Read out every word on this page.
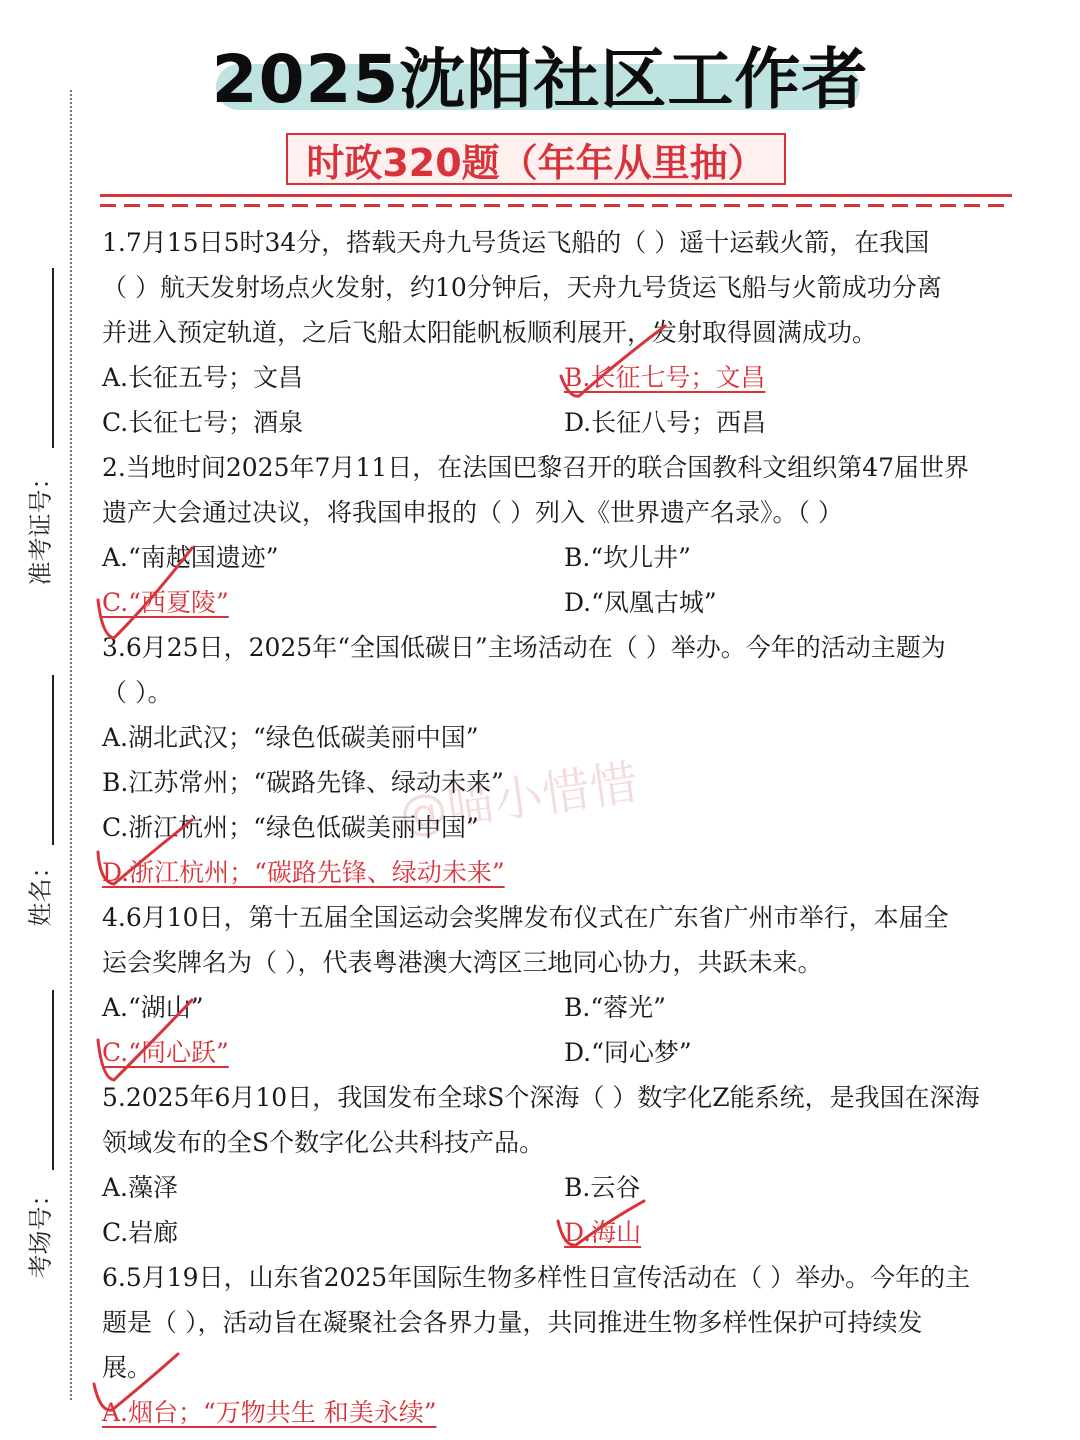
准考证号：
姓名：
考场号：
2025沈阳社区工作者
时政320题（年年从里抽）
@喵小惜惜
1.7月15日5时34分，搭载天舟九号货运飞船的（ ）遥十运载火箭，在我国
（ ）航天发射场点火发射，约10分钟后，天舟九号货运飞船与火箭成功分离
并进入预定轨道，之后飞船太阳能帆板顺利展开，发射取得圆满成功。
A.长征五号；文昌	B.长征七号；文昌
C.长征七号；酒泉	D.长征八号；西昌
2.当地时间2025年7月11日，在法国巴黎召开的联合国教科文组织第47届世界
遗产大会通过决议，将我国申报的（ ）列入《世界遗产名录》。（ ）
A.“南越国遗迹”	B.“坎儿井”
C.“西夏陵”	D.“凤凰古城”
3.6月25日，2025年“全国低碳日”主场活动在（ ）举办。今年的活动主题为
（ ）。
A.湖北武汉；“绿色低碳美丽中国”
B.江苏常州；“碳路先锋、绿动未来”
C.浙江杭州；“绿色低碳美丽中国”
D.浙江杭州；“碳路先锋、绿动未来”
4.6月10日，第十五届全国运动会奖牌发布仪式在广东省广州市举行，本届全
运会奖牌名为（ ），代表粤港澳大湾区三地同心协力，共跃未来。
A.“湖山”	B.“蓉光”
C.“同心跃”	D.“同心梦”
5.2025年6月10日，我国发布全球S个深海（ ）数字化Z能系统，是我国在深海
领域发布的全S个数字化公共科技产品。
A.藻泽	B.云谷
C.岩廊	D.海山
6.5月19日，山东省2025年国际生物多样性日宣传活动在（ ）举办。今年的主
题是（ ），活动旨在凝聚社会各界力量，共同推进生物多样性保护可持续发
展。
A.烟台；“万物共生 和美永续”
